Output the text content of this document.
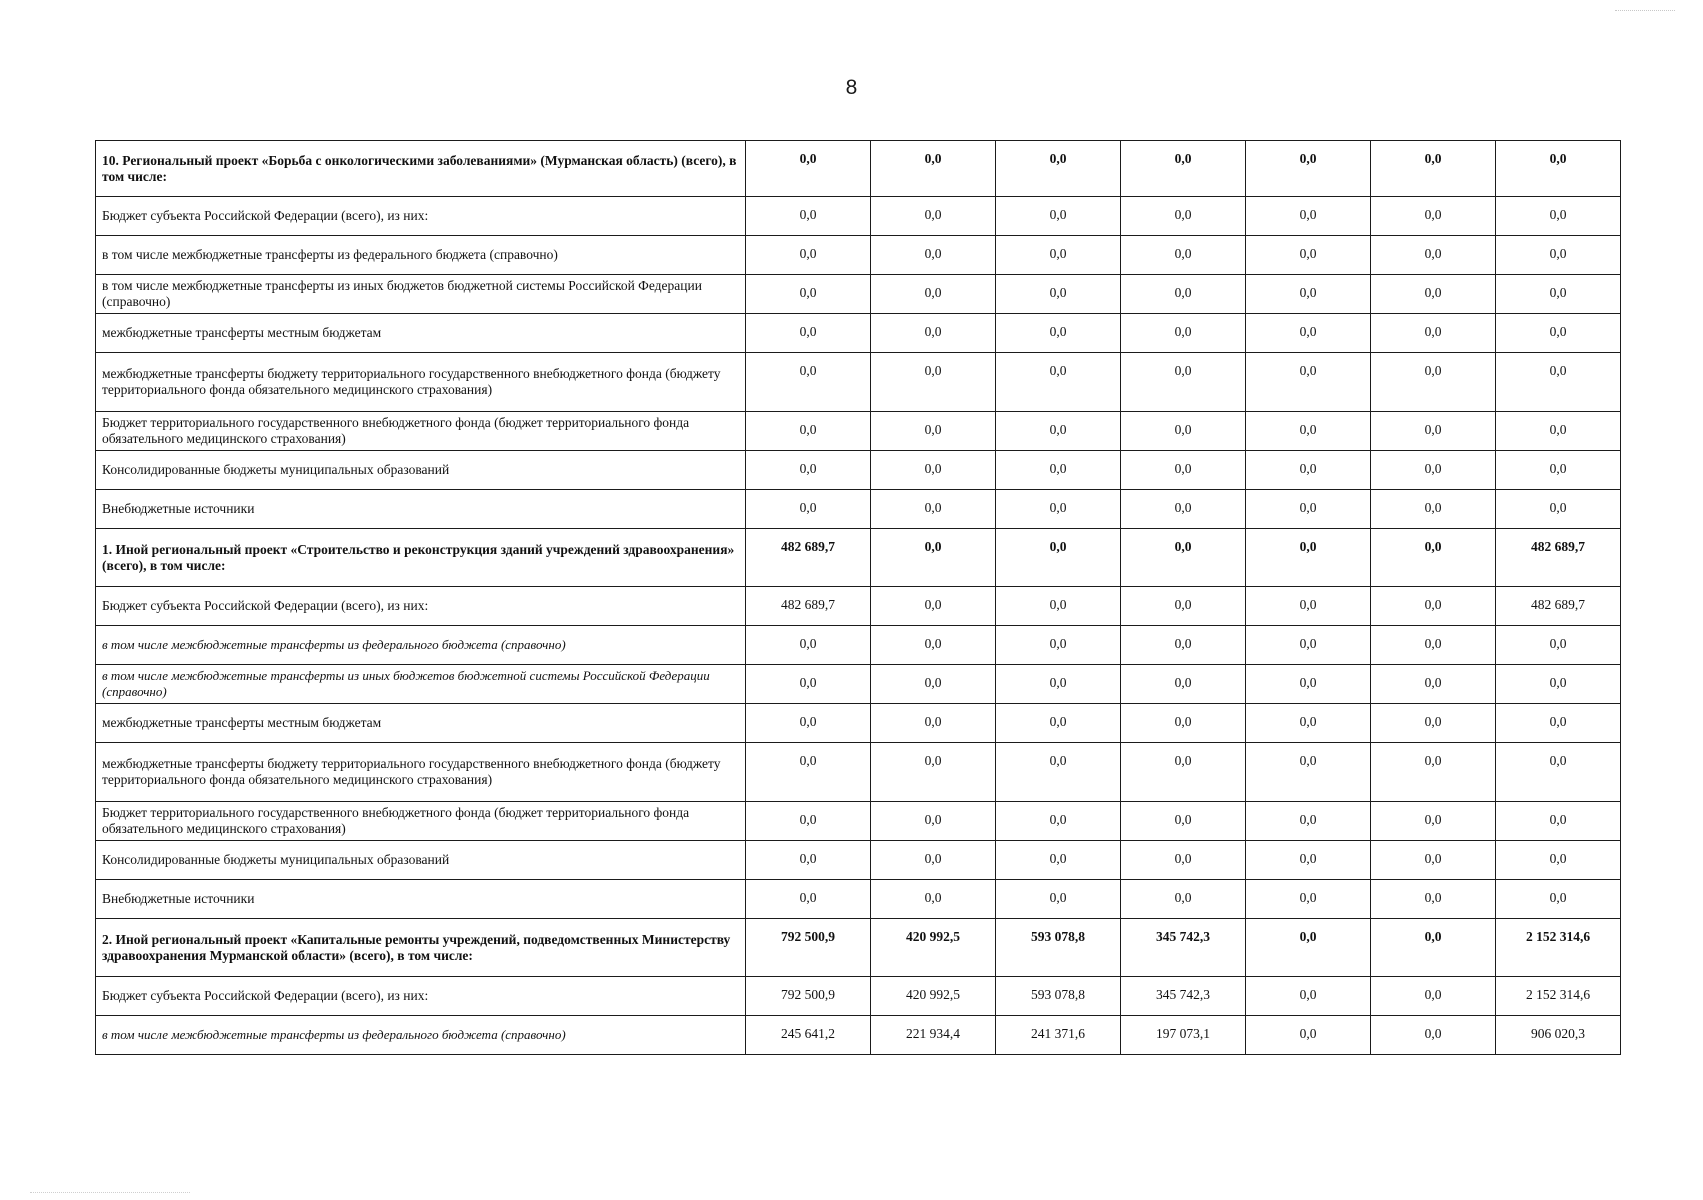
8
10. Региональный проект «Борьба с онкологическими заболеваниями» (Мурманская область) (всего), в том числе:	0,0	0,0	0,0	0,0	0,0	0,0	0,0
Бюджет субъекта Российской Федерации (всего), из них:	0,0	0,0	0,0	0,0	0,0	0,0	0,0
в том числе межбюджетные трансферты из федерального бюджета (справочно)	0,0	0,0	0,0	0,0	0,0	0,0	0,0
в том числе межбюджетные трансферты из иных бюджетов бюджетной системы Российской Федерации (справочно)	0,0	0,0	0,0	0,0	0,0	0,0	0,0
межбюджетные трансферты местным бюджетам	0,0	0,0	0,0	0,0	0,0	0,0	0,0
межбюджетные трансферты бюджету территориального государственного внебюджетного фонда (бюджету территориального фонда обязательного медицинского страхования)	0,0	0,0	0,0	0,0	0,0	0,0	0,0
Бюджет территориального государственного внебюджетного фонда (бюджет территориального фонда обязательного медицинского страхования)	0,0	0,0	0,0	0,0	0,0	0,0	0,0
Консолидированные бюджеты муниципальных образований	0,0	0,0	0,0	0,0	0,0	0,0	0,0
Внебюджетные источники	0,0	0,0	0,0	0,0	0,0	0,0	0,0
1. Иной региональный проект «Строительство и реконструкция зданий учреждений здравоохранения» (всего), в том числе:	482 689,7	0,0	0,0	0,0	0,0	0,0	482 689,7
Бюджет субъекта Российской Федерации (всего), из них:	482 689,7	0,0	0,0	0,0	0,0	0,0	482 689,7
в том числе межбюджетные трансферты из федерального бюджета (справочно)	0,0	0,0	0,0	0,0	0,0	0,0	0,0
в том числе межбюджетные трансферты из иных бюджетов бюджетной системы Российской Федерации (справочно)	0,0	0,0	0,0	0,0	0,0	0,0	0,0
межбюджетные трансферты местным бюджетам	0,0	0,0	0,0	0,0	0,0	0,0	0,0
межбюджетные трансферты бюджету территориального государственного внебюджетного фонда (бюджету территориального фонда обязательного медицинского страхования)	0,0	0,0	0,0	0,0	0,0	0,0	0,0
Бюджет территориального государственного внебюджетного фонда (бюджет территориального фонда обязательного медицинского страхования)	0,0	0,0	0,0	0,0	0,0	0,0	0,0
Консолидированные бюджеты муниципальных образований	0,0	0,0	0,0	0,0	0,0	0,0	0,0
Внебюджетные источники	0,0	0,0	0,0	0,0	0,0	0,0	0,0
2. Иной региональный проект «Капитальные ремонты учреждений, подведомственных Министерству здравоохранения Мурманской области» (всего), в том числе:	792 500,9	420 992,5	593 078,8	345 742,3	0,0	0,0	2 152 314,6
Бюджет субъекта Российской Федерации (всего), из них:	792 500,9	420 992,5	593 078,8	345 742,3	0,0	0,0	2 152 314,6
в том числе межбюджетные трансферты из федерального бюджета (справочно)	245 641,2	221 934,4	241 371,6	197 073,1	0,0	0,0	906 020,3
